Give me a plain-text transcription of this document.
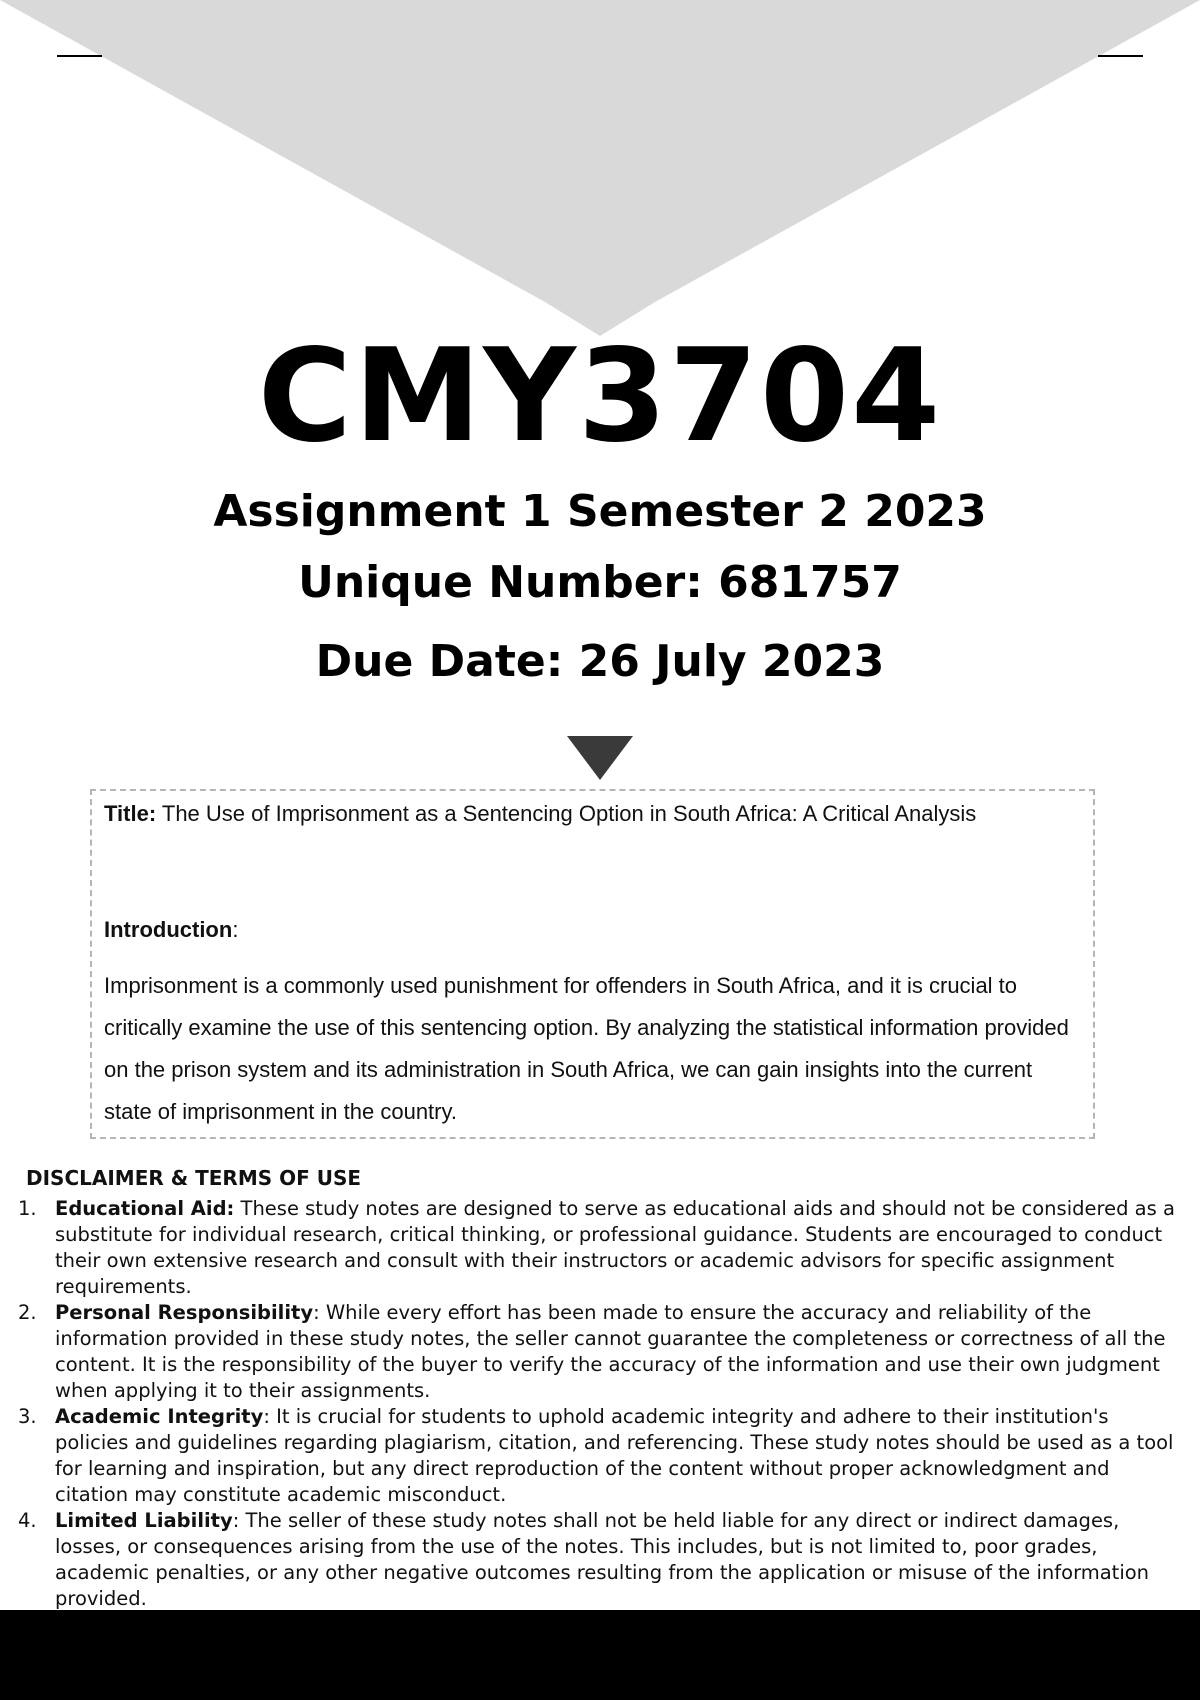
CMY3704
Assignment 1 Semester 2 2023
Unique Number: 681757
Due Date: 26 July 2023

Title: The Use of Imprisonment as a Sentencing Option in South Africa: A Critical Analysis

Introduction:

Imprisonment is a commonly used punishment for offenders in South Africa, and it is crucial to critically examine the use of this sentencing option. By analyzing the statistical information provided on the prison system and its administration in South Africa, we can gain insights into the current state of imprisonment in the country.

DISCLAIMER & TERMS OF USE
1. Educational Aid: These study notes are designed to serve as educational aids and should not be considered as a substitute for individual research, critical thinking, or professional guidance. Students are encouraged to conduct their own extensive research and consult with their instructors or academic advisors for specific assignment requirements.
2. Personal Responsibility: While every effort has been made to ensure the accuracy and reliability of the information provided in these study notes, the seller cannot guarantee the completeness or correctness of all the content. It is the responsibility of the buyer to verify the accuracy of the information and use their own judgment when applying it to their assignments.
3. Academic Integrity: It is crucial for students to uphold academic integrity and adhere to their institution's policies and guidelines regarding plagiarism, citation, and referencing. These study notes should be used as a tool for learning and inspiration, but any direct reproduction of the content without proper acknowledgment and citation may constitute academic misconduct.
4. Limited Liability: The seller of these study notes shall not be held liable for any direct or indirect damages, losses, or consequences arising from the use of the notes. This includes, but is not limited to, poor grades, academic penalties, or any other negative outcomes resulting from the application or misuse of the information provided.
